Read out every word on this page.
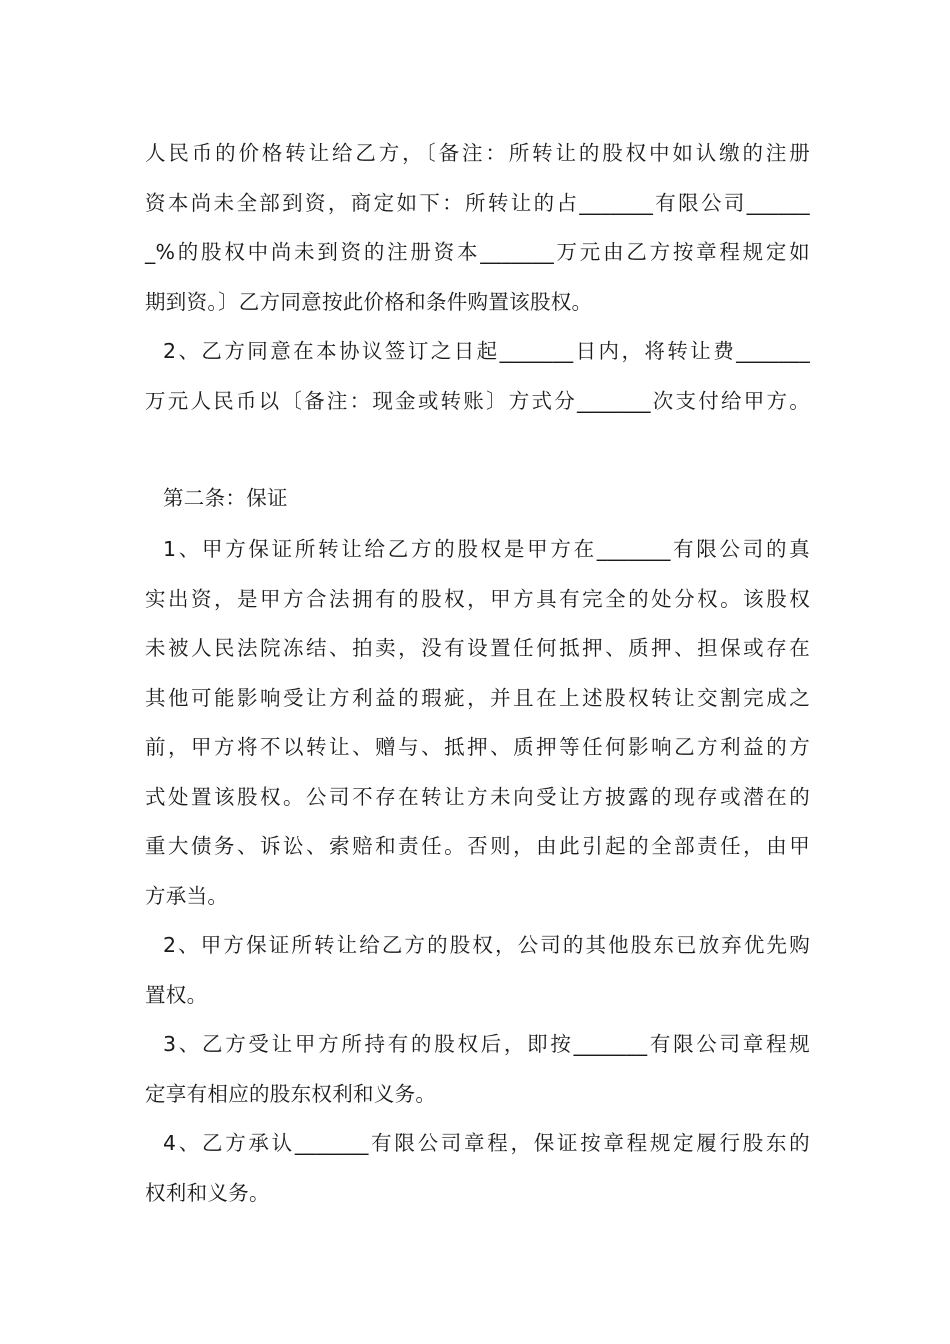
人民币的价格转让给乙方，〔备注：所转让的股权中如认缴的注册
资本尚未全部到资，商定如下：所转让的占_______有限公司______
_%的股权中尚未到资的注册资本_______万元由乙方按章程规定如
期到资。〕乙方同意按此价格和条件购置该股权。
2、乙方同意在本协议签订之日起_______日内，将转让费_______
万元人民币以〔备注：现金或转账〕方式分_______次支付给甲方。
第二条：保证
1、甲方保证所转让给乙方的股权是甲方在_______有限公司的真
实出资，是甲方合法拥有的股权，甲方具有完全的处分权。该股权
未被人民法院冻结、拍卖，没有设置任何抵押、质押、担保或存在
其他可能影响受让方利益的瑕疵，并且在上述股权转让交割完成之
前，甲方将不以转让、赠与、抵押、质押等任何影响乙方利益的方
式处置该股权。公司不存在转让方未向受让方披露的现存或潜在的
重大债务、诉讼、索赔和责任。否则，由此引起的全部责任，由甲
方承当。
2、甲方保证所转让给乙方的股权，公司的其他股东已放弃优先购
置权。
3、乙方受让甲方所持有的股权后，即按_______有限公司章程规
定享有相应的股东权利和义务。
4、乙方承认_______有限公司章程，保证按章程规定履行股东的
权利和义务。
